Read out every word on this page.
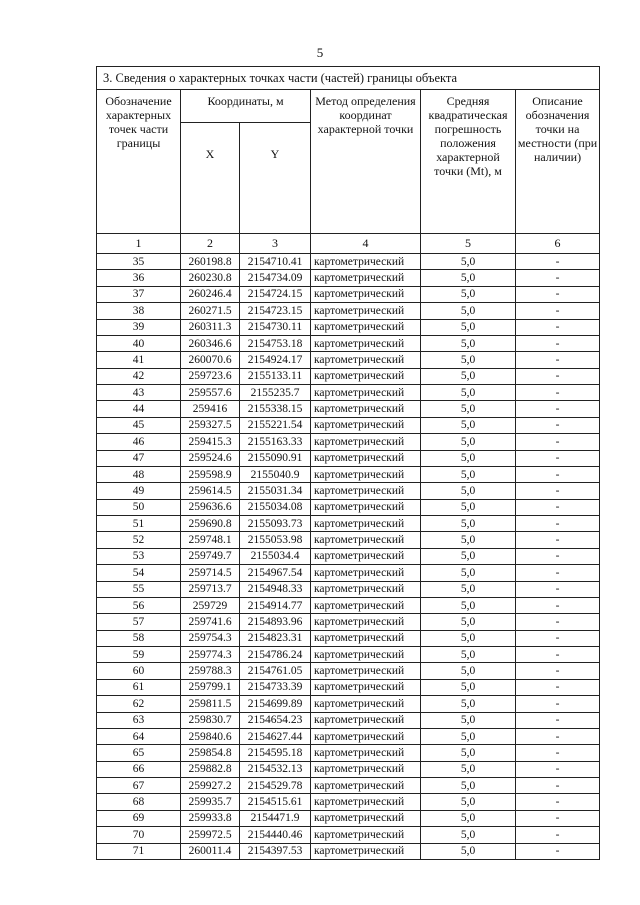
5
3. Сведения о характерных точках части (частей) границы объекта					
Обозначение характерных точек части границы	Координаты, м		Метод определения координат характерной точки	Средняя квадратическая погрешность положения характерной точки (Mt), м	Описание обозначения точки на местности (при наличии)
	X	Y			
1	2	3	4	5	6
35	260198.8	2154710.41	картометрический	5,0	-
36	260230.8	2154734.09	картометрический	5,0	-
37	260246.4	2154724.15	картометрический	5,0	-
38	260271.5	2154723.15	картометрический	5,0	-
39	260311.3	2154730.11	картометрический	5,0	-
40	260346.6	2154753.18	картометрический	5,0	-
41	260070.6	2154924.17	картометрический	5,0	-
42	259723.6	2155133.11	картометрический	5,0	-
43	259557.6	2155235.7	картометрический	5,0	-
44	259416	2155338.15	картометрический	5,0	-
45	259327.5	2155221.54	картометрический	5,0	-
46	259415.3	2155163.33	картометрический	5,0	-
47	259524.6	2155090.91	картометрический	5,0	-
48	259598.9	2155040.9	картометрический	5,0	-
49	259614.5	2155031.34	картометрический	5,0	-
50	259636.6	2155034.08	картометрический	5,0	-
51	259690.8	2155093.73	картометрический	5,0	-
52	259748.1	2155053.98	картометрический	5,0	-
53	259749.7	2155034.4	картометрический	5,0	-
54	259714.5	2154967.54	картометрический	5,0	-
55	259713.7	2154948.33	картометрический	5,0	-
56	259729	2154914.77	картометрический	5,0	-
57	259741.6	2154893.96	картометрический	5,0	-
58	259754.3	2154823.31	картометрический	5,0	-
59	259774.3	2154786.24	картометрический	5,0	-
60	259788.3	2154761.05	картометрический	5,0	-
61	259799.1	2154733.39	картометрический	5,0	-
62	259811.5	2154699.89	картометрический	5,0	-
63	259830.7	2154654.23	картометрический	5,0	-
64	259840.6	2154627.44	картометрический	5,0	-
65	259854.8	2154595.18	картометрический	5,0	-
66	259882.8	2154532.13	картометрический	5,0	-
67	259927.2	2154529.78	картометрический	5,0	-
68	259935.7	2154515.61	картометрический	5,0	-
69	259933.8	2154471.9	картометрический	5,0	-
70	259972.5	2154440.46	картометрический	5,0	-
71	260011.4	2154397.53	картометрический	5,0	-
